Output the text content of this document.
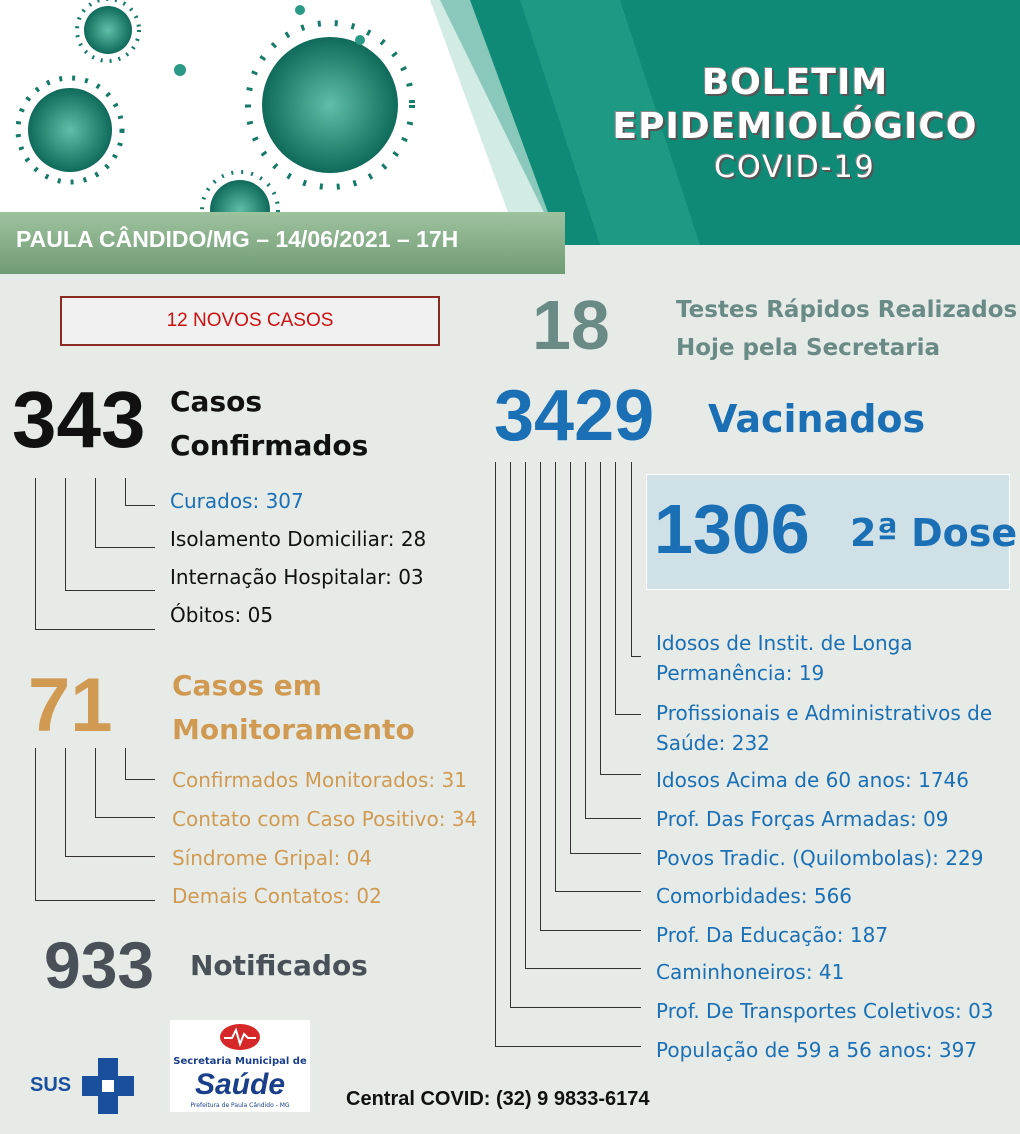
BOLETIM
EPIDEMIOLÓGICO
COVID-19
PAULA CÂNDIDO/MG – 14/06/2021 – 17H
12 NOVOS CASOS
343 Casos
Confirmados
Curados: 307
Isolamento Domiciliar: 28
Internação Hospitalar: 03
Óbitos: 05
71 Casos em
Monitoramento
Confirmados Monitorados: 31
Contato com Caso Positivo: 34
Síndrome Gripal: 04
Demais Contatos: 02
933 Notificados
18	Testes Rápidos Realizados
Hoje pela Secretaria
3429 Vacinados
1306 2ª Dose
Idosos de Instit. de Longa
Permanência: 19
Profissionais e Administrativos de
Saúde: 232
Idosos Acima de 60 anos: 1746
Prof. Das Forças Armadas: 09
Povos Tradic. (Quilombolas): 229
Comorbidades: 566
Prof. Da Educação: 187
Caminhoneiros: 41
Prof. De Transportes Coletivos: 03
População de 59 a 56 anos: 397
SUS
Secretaria Municipal de
Saúde
Prefeitura de Paula Cândido - MG	Central COVID: (32) 9 9833-6174
